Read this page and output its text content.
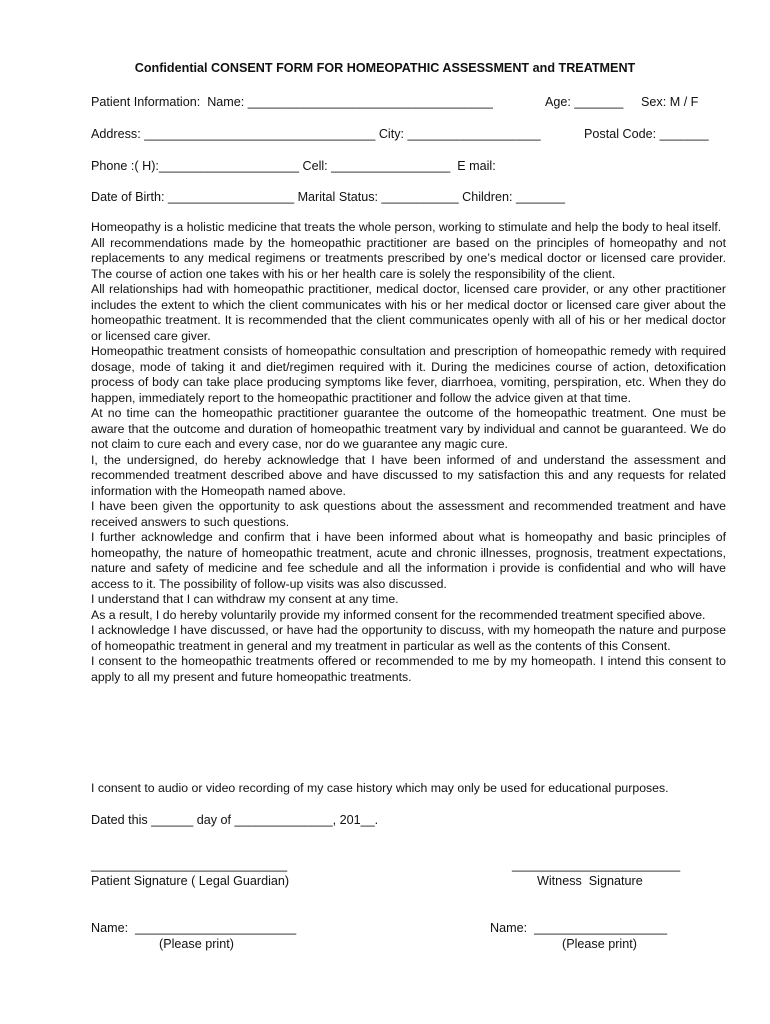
Confidential CONSENT FORM FOR HOMEOPATHIC ASSESSMENT and TREATMENT
Patient Information:  Name: ___________________________________	Age: _______ Sex: M / F
Address: _________________________________ City: ___________________	Postal Code: _______
Phone :( H):____________________ Cell: _________________  E mail:
Date of Birth: __________________ Marital Status: ___________ Children: _______

Homeopathy is a holistic medicine that treats the whole person, working to stimulate and help the body to heal itself.

All recommendations made by the homeopathic practitioner are based on the principles of homeopathy and not replacements to any medical regimens or treatments prescribed by one’s medical doctor or licensed care provider. The course of action one takes with his or her health care is solely the responsibility of the client.

All relationships had with homeopathic practitioner, medical doctor, licensed care provider, or any other practitioner includes the extent to which the client communicates with his or her medical doctor or licensed care giver about the homeopathic treatment. It is recommended that the client communicates openly with all of his or her medical doctor or licensed care giver.

Homeopathic treatment consists of homeopathic consultation and prescription of homeopathic remedy with required dosage, mode of taking it and diet/regimen required with it. During the medicines course of action, detoxification process of body can take place producing symptoms like fever, diarrhoea, vomiting, perspiration, etc. When they do happen, immediately report to the homeopathic practitioner and follow the advice given at that time.

At no time can the homeopathic practitioner guarantee the outcome of the homeopathic treatment. One must be aware that the outcome and duration of homeopathic treatment vary by individual and cannot be guaranteed. We do not claim to cure each and every case, nor do we guarantee any magic cure.

I, the undersigned, do hereby acknowledge that I have been informed of and understand the assessment and recommended treatment described above and have discussed to my satisfaction this and any requests for related information with the Homeopath named above.

I have been given the opportunity to ask questions about the assessment and recommended treatment and have received answers to such questions.

I further acknowledge and confirm that i have been informed about what is homeopathy and basic principles of homeopathy, the nature of homeopathic treatment, acute and chronic illnesses, prognosis, treatment expectations, nature and safety of medicine and fee schedule and all the information i provide is confidential and who will have access to it. The possibility of follow-up visits was also discussed.

I understand that I can withdraw my consent at any time.

As a result, I do hereby voluntarily provide my informed consent for the recommended treatment specified above.

I acknowledge I have discussed, or have had the opportunity to discuss, with my homeopath the nature and purpose of homeopathic treatment in general and my treatment in particular as well as the contents of this Consent.

I consent to the homeopathic treatments offered or recommended to me by my homeopath. I intend this consent to apply to all my present and future homeopathic treatments.

I consent to audio or video recording of my case history which may only be used for educational purposes.
Dated this ______ day of ______________, 201__.
____________________________
Patient Signature ( Legal Guardian)
________________________
Witness  Signature
Name:  _______________________
(Please print)
Name:  ___________________
(Please print)
